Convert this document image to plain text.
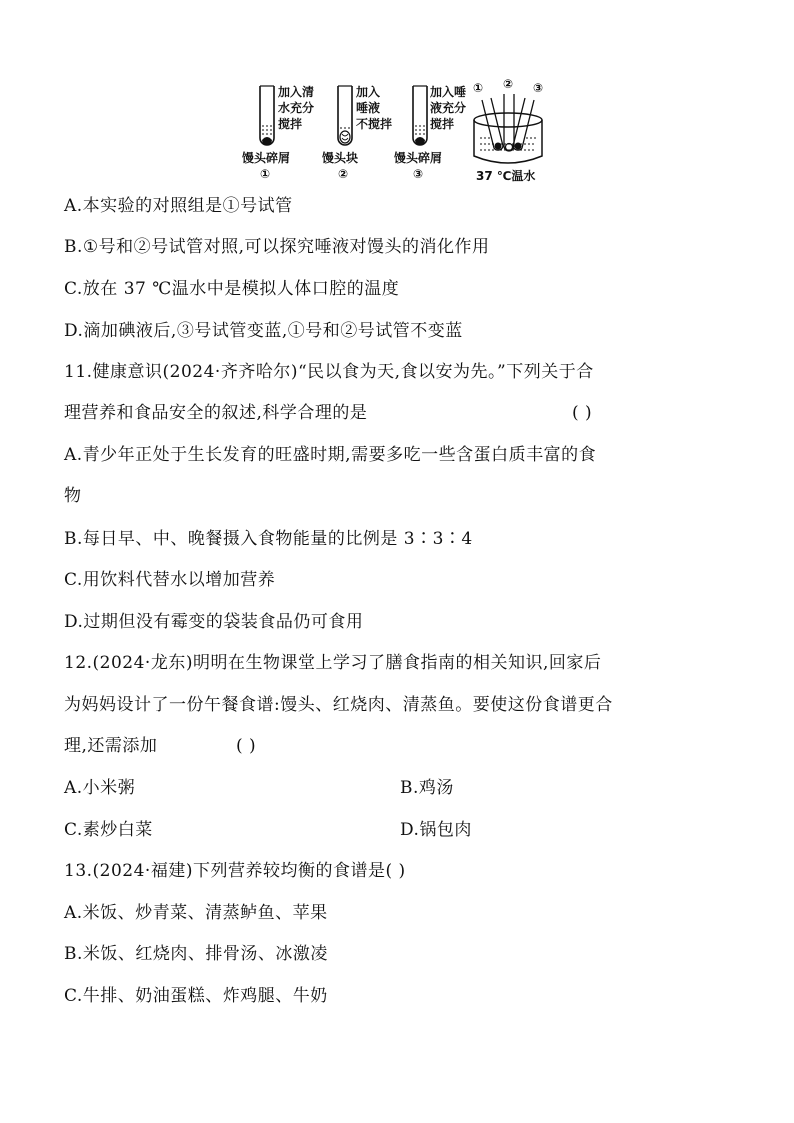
加入清
水充分
搅拌
馒头碎屑
①
加入
唾液
不搅拌
馒头块
②
加入唾
液充分
搅拌
馒头碎屑
③
① ② ③
37 ℃温水
A.本实验的对照组是①号试管
B.①号和②号试管对照,可以探究唾液对馒头的消化作用
C.放在 37 ℃温水中是模拟人体口腔的温度
D.滴加碘液后,③号试管变蓝,①号和②号试管不变蓝
11.健康意识(2024·齐齐哈尔)“民以食为天,食以安为先。”下列关于合
理营养和食品安全的叙述,科学合理的是	( )
A.青少年正处于生长发育的旺盛时期,需要多吃一些含蛋白质丰富的食
物
B.每日早、中、晚餐摄入食物能量的比例是 3∶3∶4
C.用饮料代替水以增加营养
D.过期但没有霉变的袋装食品仍可食用
12.(2024·龙东)明明在生物课堂上学习了膳食指南的相关知识,回家后
为妈妈设计了一份午餐食谱:馒头、红烧肉、清蒸鱼。要使这份食谱更合
理,还需添加	( )
A.小米粥	B.鸡汤
C.素炒白菜	D.锅包肉
13.(2024·福建)下列营养较均衡的食谱是( )
A.米饭、炒青菜、清蒸鲈鱼、苹果
B.米饭、红烧肉、排骨汤、冰激凌
C.牛排、奶油蛋糕、炸鸡腿、牛奶
